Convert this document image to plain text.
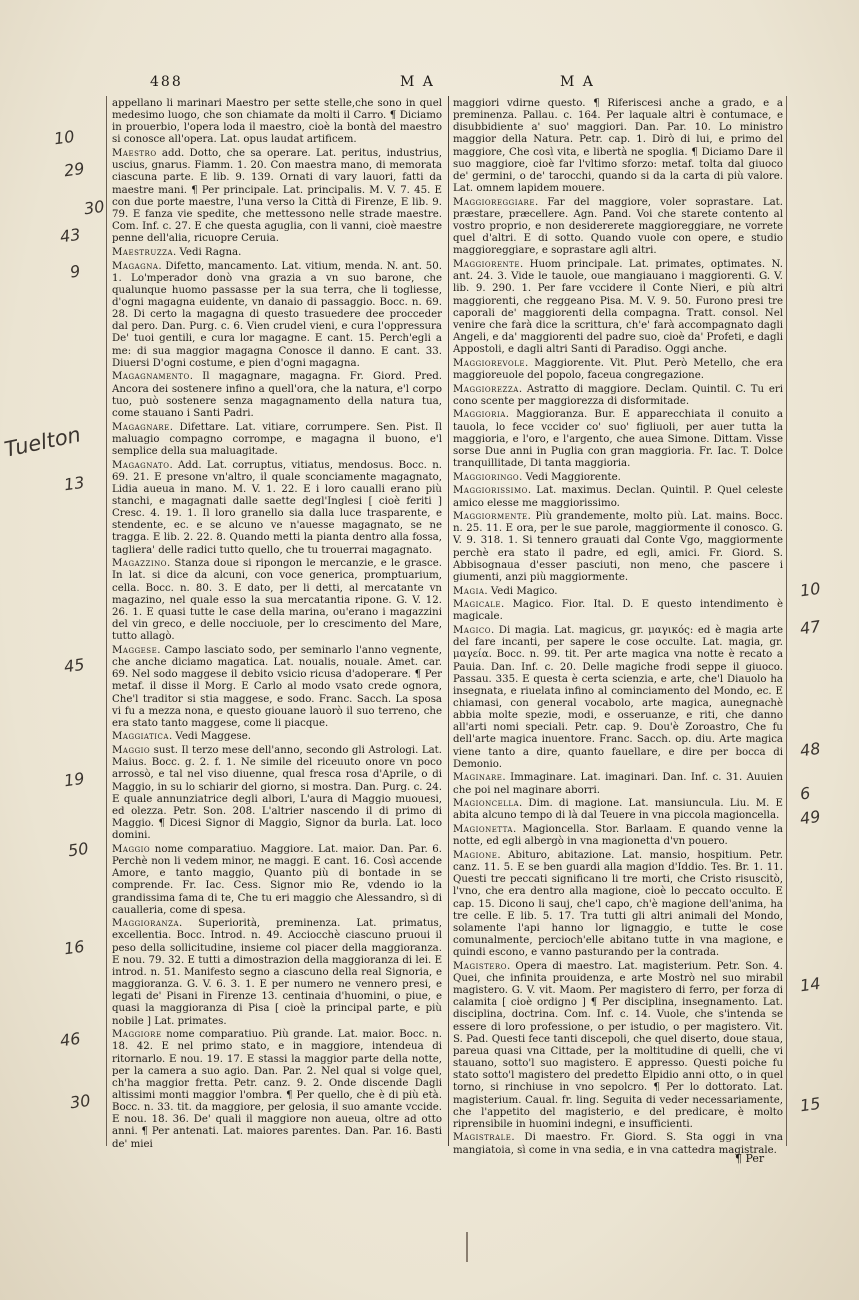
488	M A	M A
appellano li marinari Maestro per sette stelle,che sono in quel medesimo luogo, che son chiamate da molti il Carro. ¶ Diciamo in prouerbio, l'opera loda il maestro, cioè la bontà del maestro si conosce all'opera. Lat. opus laudat artificem.
Maestro add. Dotto, che sa operare. Lat. peritus, industrius, uscius, gnarus. Fiamm. 1. 20. Con maestra mano, di memorata ciascuna parte. E lib. 9. 139. Ornati di vary lauori, fatti da maestre mani. ¶ Per principale. Lat. principalis. M. V. 7. 45. E con due porte maestre, l'una verso la Città di Firenze, E lib. 9. 79. E fanza vie spedite, che mettessono nelle strade maestre. Com. Inf. c. 27. E che questa aguglia, con li vanni, cioè maestre penne dell'alia, ricuopre Ceruia.
Maestruzza. Vedi Ragna.
Magagna. Difetto, mancamento. Lat. vitium, menda. N. ant. 50. 1. Lo'mperador donò vna grazia a vn suo barone, che qualunque huomo passasse per la sua terra, che li togliesse, d'ogni magagna euidente, vn danaio di passaggio. Bocc. n. 69. 28. Di certo la magagna di questo trasuedere dee procceder dal pero. Dan. Purg. c. 6. Vien crudel vieni, e cura l'oppressura De' tuoi gentili, e cura lor magagne. E cant. 15. Perch'egli a me: di sua maggior magagna Conosce il danno. E cant. 33. Diuersi D'ogni costume, e pien d'ogni magagna.
Magagnamento. Il magagnare, magagna. Fr. Giord. Pred. Ancora dei sostenere infino a quell'ora, che la natura, e'l corpo tuo, può sostenere senza magagnamento della natura tua, come stauano i Santi Padri.
Magagnare. Difettare. Lat. vitiare, corrumpere. Sen. Pist. Il maluagio compagno corrompe, e magagna il buono, e'l semplice della sua maluagitade.
Magagnato. Add. Lat. corruptus, vitiatus, mendosus. Bocc. n. 69. 21. E presone vn'altro, il quale sconciamente magagnato, Lidia aueua in mano. M. V. 1. 22. E i loro caualli erano più stanchi, e magagnati dalle saette degl'Inglesi [ cioè feriti ] Cresc. 4. 19. 1. Il loro granello sia dalla luce trasparente, e stendente, ec. e se alcuno ve n'auesse magagnato, se ne tragga. E lib. 2. 22. 8. Quando metti la pianta dentro alla fossa, tagliera' delle radici tutto quello, che tu trouerrai magagnato.
Magazzino. Stanza doue si ripongon le mercanzie, e le grasce. In lat. si dice da alcuni, con voce generica, promptuarium, cella. Bocc. n. 80. 3. E dato, per li detti, al mercatante vn magazino, nel quale esso la sua mercatantia ripone. G. V. 12. 26. 1. E quasi tutte le case della marina, ou'erano i magazzini del vin greco, e delle nocciuole, per lo crescimento del Mare, tutto allagò.
Maggese. Campo lasciato sodo, per seminarlo l'anno vegnente, che anche diciamo magatica. Lat. noualis, nouale. Amet. car. 69. Nel sodo maggese il debito vsicio ricusa d'adoperare. ¶ Per metaf. il disse il Morg. E Carlo al modo vsato crede ognora, Che'l traditor si stia maggese, e sodo. Franc. Sacch. La sposa vi fu a mezza nona, e questo giouane lauorò il suo terreno, che era stato tanto maggese, come li piacque.
Maggiatica. Vedi Maggese.
Maggio sust. Il terzo mese dell'anno, secondo gli Astrologi. Lat. Maius. Bocc. g. 2. f. 1. Ne simile del riceuuto onore vn poco arrossò, e tal nel viso diuenne, qual fresca rosa d'Aprile, o di Maggio, in su lo schiarir del giorno, si mostra. Dan. Purg. c. 24. E quale annunziatrice degli albori, L'aura di Maggio muouesi, ed olezza. Petr. Son. 208. L'altrier nascendo il di primo di Maggio. ¶ Dicesi Signor di Maggio, Signor da burla. Lat. loco domini.
Maggio nome comparatiuo. Maggiore. Lat. maior. Dan. Par. 6. Perchè non li vedem minor, ne maggi. E cant. 16. Così accende Amore, e tanto maggio, Quanto più di bontade in se comprende. Fr. Iac. Cess. Signor mio Re, vdendo io la grandissima fama di te, Che tu eri maggio che Alessandro, sì di caualleria, come di spesa.
Maggioranza. Superiorità, preminenza. Lat. primatus, excellentia. Bocc. Introd. n. 49. Acciocchè ciascuno pruoui il peso della sollicitudine, insieme col piacer della maggioranza. E nou. 79. 32. E tutti a dimostrazion della maggioranza di lei. E introd. n. 51. Manifesto segno a ciascuno della real Signoria, e maggioranza. G. V. 6. 3. 1. E per numero ne vennero presi, e legati de' Pisani in Firenze 13. centinaia d'huomini, o piue, e quasi la maggioranza di Pisa [ cioè la principal parte, e più nobile ] Lat. primates.
Maggiore nome comparatiuo. Più grande. Lat. maior. Bocc. n. 18. 42. E nel primo stato, e in maggiore, intendeua di ritornarlo. E nou. 19. 17. E stassi la maggior parte della notte, per la camera a suo agio. Dan. Par. 2. Nel qual si volge quel, ch'ha maggior fretta. Petr. canz. 9. 2. Onde discende Dagli altissimi monti maggior l'ombra. ¶ Per quello, che è di più età. Bocc. n. 33. tit. da maggiore, per gelosia, il suo amante vccide. E nou. 18. 36. De' quali il maggiore non aueua, oltre ad otto anni. ¶ Per antenati. Lat. maiores parentes. Dan. Par. 16. Basti de' miei
maggiori vdirne questo. ¶ Riferiscesi anche a grado, e a preminenza. Pallau. c. 164. Per laquale altri è contumace, e disubbidiente a' suo' maggiori. Dan. Par. 10. Lo ministro maggior della Natura. Petr. cap. 1. Dirò di lui, e primo del maggiore, Che così vita, e libertà ne spoglia. ¶ Diciamo Dare il suo maggiore, cioè far l'vltimo sforzo: metaf. tolta dal giuoco de' germini, o de' tarocchi, quando si da la carta di più valore. Lat. omnem lapidem mouere.
Maggioreggiare. Far del maggiore, voler soprastare. Lat. præstare, præcellere. Agn. Pand. Voi che starete contento al vostro proprio, e non desidererete maggioreggiare, ne vorrete quel d'altri. E di sotto. Quando vuole con opere, e studio maggioreggiare, e soprastare agli altri.
Maggiorente. Huom principale. Lat. primates, optimates. N. ant. 24. 3. Vide le tauole, oue mangiauano i maggiorenti. G. V. lib. 9. 290. 1. Per fare vccidere il Conte Nieri, e più altri maggiorenti, che reggeano Pisa. M. V. 9. 50. Furono presi tre caporali de' maggiorenti della compagna. Tratt. consol. Nel venire che farà dice la scrittura, ch'e' farà accompagnato dagli Angeli, e da' maggiorenti del padre suo, cioè da' Profeti, e dagli Appostoli, e dagli altri Santi di Paradiso. Oggi anche.
Maggiorevole. Maggiorente. Vit. Plut. Però Metello, che era maggioreuole del popolo, faceua congregazione.
Maggiorezza. Astratto di maggiore. Declam. Quintil. C. Tu eri cono scente per maggiorezza di disformitade.
Maggioria. Maggioranza. Bur. E apparecchiata il conuito a tauola, lo fece vccider co' suo' figliuoli, per auer tutta la maggioria, e l'oro, e l'argento, che auea Simone. Dittam. Visse sorse Due anni in Puglia con gran maggioria. Fr. Iac. T. Dolce tranquillitade, Di tanta maggioria.
Maggioringo. Vedi Maggiorente.
Maggiorissimo. Lat. maximus. Declan. Quintil. P. Quel celeste amico elesse me maggiorissimo.
Maggiormente. Più grandemente, molto più. Lat. mains. Bocc. n. 25. 11. E ora, per le sue parole, maggiormente il conosco. G. V. 9. 318. 1. Si tennero grauati dal Conte Vgo, maggiormente perchè era stato il padre, ed egli, amici. Fr. Giord. S. Abbisognaua d'esser pasciuti, non meno, che pascere i giumenti, anzi più maggiormente.
Magia. Vedi Magico.
Magicale. Magico. Fior. Ital. D. E questo intendimento è magicale.
Magico. Di magia. Lat. magicus, gr. μαγικός: ed è magia arte del fare incanti, per sapere le cose occulte. Lat. magia, gr. μαγεία. Bocc. n. 99. tit. Per arte magica vna notte è recato a Pauia. Dan. Inf. c. 20. Delle magiche frodi seppe il giuoco. Passau. 335. E questa è certa scienzia, e arte, che'l Diauolo ha insegnata, e riuelata infino al cominciamento del Mondo, ec. E chiamasi, con general vocabolo, arte magica, aunegnachè abbia molte spezie, modi, e osseruanze, e riti, che danno all'arti nomi speciali. Petr. cap. 9. Dou'è Zoroastro, Che fu dell'arte magica inuentore. Franc. Sacch. op. diu. Arte magica viene tanto a dire, quanto fauellare, e dire per bocca di Demonio.
Maginare. Immaginare. Lat. imaginari. Dan. Inf. c. 31. Auuien che poi nel maginare aborri.
Magioncella. Dim. di magione. Lat. mansiuncula. Liu. M. E abita alcuno tempo di là dal Teuere in vna piccola magioncella.
Magionetta. Magioncella. Stor. Barlaam. E quando venne la notte, ed egli albergò in vna magionetta d'vn pouero.
Magione. Abituro, abitazione. Lat. mansio, hospitium. Petr. canz. 11. 5. E se ben guardi alla magion d'Iddio. Tes. Br. 1. 11. Questi tre peccati significano li tre morti, che Cristo risuscitò, l'vno, che era dentro alla magione, cioè lo peccato occulto. E cap. 15. Dicono li sauj, che'l capo, ch'è magione dell'anima, ha tre celle. E lib. 5. 17. Tra tutti gli altri animali del Mondo, solamente l'api hanno lor lignaggio, e tutte le cose comunalmente, percioch'elle abitano tutte in vna magione, e quindi escono, e vanno pasturando per la contrada.
Magistero. Opera di maestro. Lat. magisterium. Petr. Son. 4. Quei, che infinita prouidenza, e arte Mostrò nel suo mirabil magistero. G. V. vit. Maom. Per magistero di ferro, per forza di calamita [ cioè ordigno ] ¶ Per disciplina, insegnamento. Lat. disciplina, doctrina. Com. Inf. c. 14. Vuole, che s'intenda se essere di loro professione, o per istudio, o per magistero. Vit. S. Pad. Questi fece tanti discepoli, che quel diserto, doue staua, pareua quasi vna Cittade, per la moltitudine di quelli, che vi stauano, sotto'l suo magistero. E appresso. Questi poiche fu stato sotto'l magistero del predetto Elpidio anni otto, o in quel torno, si rinchiuse in vno sepolcro. ¶ Per lo dottorato. Lat. magisterium. Caual. fr. ling. Seguita di veder necessariamente, che l'appetito del magisterio, e del predicare, è molto riprensibile in huomini indegni, e insufficienti.
Magistrale. Di maestro. Fr. Giord. S. Sta oggi in vna mangiatoia, sì come in vna sedia, e in vna cattedra magistrale.
¶ Per
10
29
30
43
9
Tuelton
13
45
19
50
16
46
30
10
47
48
6
49
14
15
